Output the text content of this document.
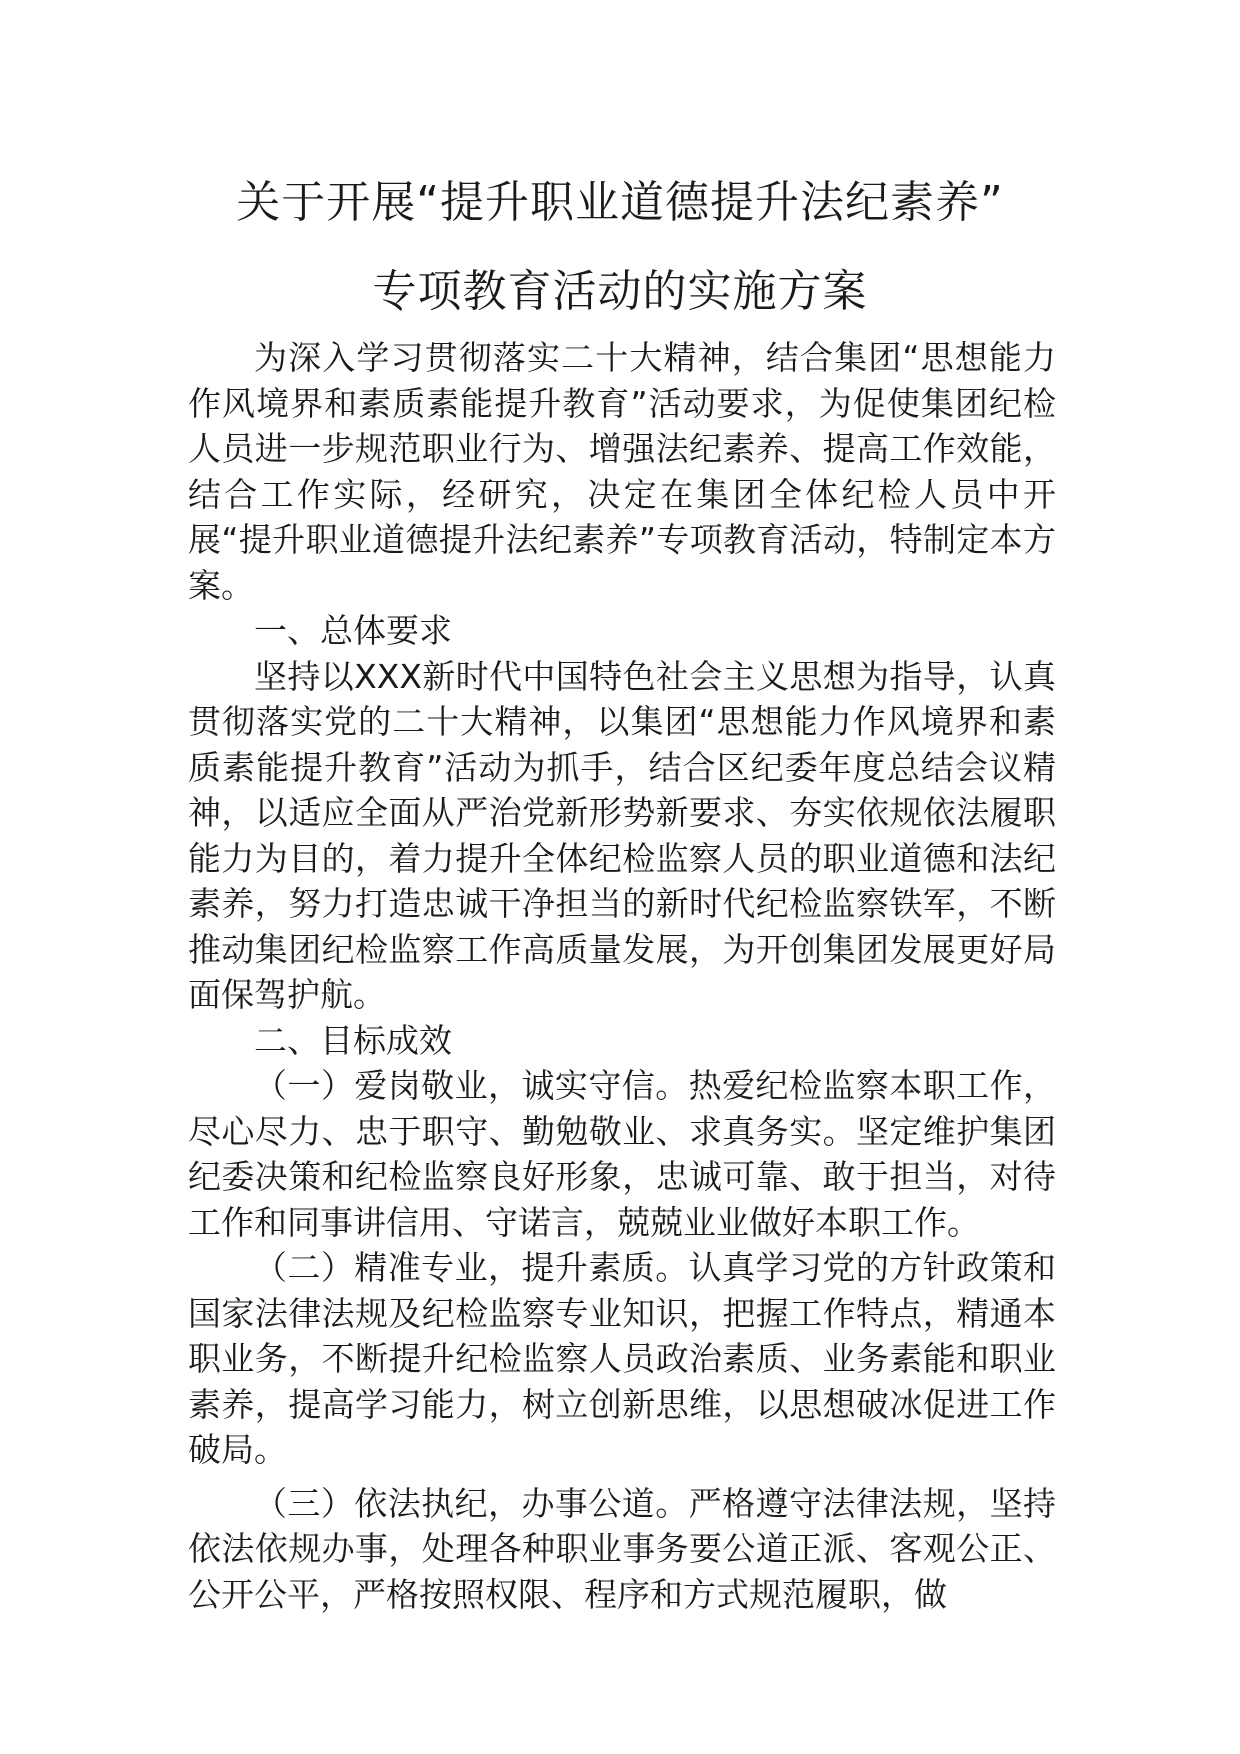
关于开展“提升职业道德提升法纪素养”
专项教育活动的实施方案

为深入学习贯彻落实二十大精神，结合集团“思想能力作风境界和素质素能提升教育”活动要求，为促使集团纪检人员进一步规范职业行为、增强法纪素养、提高工作效能，结合工作实际，经研究，决定在集团全体纪检人员中开展“提升职业道德提升法纪素养”专项教育活动，特制定本方案。

一、总体要求

坚持以XXX新时代中国特色社会主义思想为指导，认真贯彻落实党的二十大精神，以集团“思想能力作风境界和素质素能提升教育”活动为抓手，结合区纪委年度总结会议精神，以适应全面从严治党新形势新要求、夯实依规依法履职能力为目的，着力提升全体纪检监察人员的职业道德和法纪素养，努力打造忠诚干净担当的新时代纪检监察铁军，不断推动集团纪检监察工作高质量发展，为开创集团发展更好局面保驾护航。

二、目标成效

（一）爱岗敬业，诚实守信。热爱纪检监察本职工作，尽心尽力、忠于职守、勤勉敬业、求真务实。坚定维护集团纪委决策和纪检监察良好形象，忠诚可靠、敢于担当，对待工作和同事讲信用、守诺言，兢兢业业做好本职工作。

（二）精准专业，提升素质。认真学习党的方针政策和国家法律法规及纪检监察专业知识，把握工作特点，精通本职业务，不断提升纪检监察人员政治素质、业务素能和职业素养，提高学习能力，树立创新思维，以思想破冰促进工作破局。

（三）依法执纪，办事公道。严格遵守法律法规，坚持依法依规办事，处理各种职业事务要公道正派、客观公正、公开公平，严格按照权限、程序和方式规范履职，做
